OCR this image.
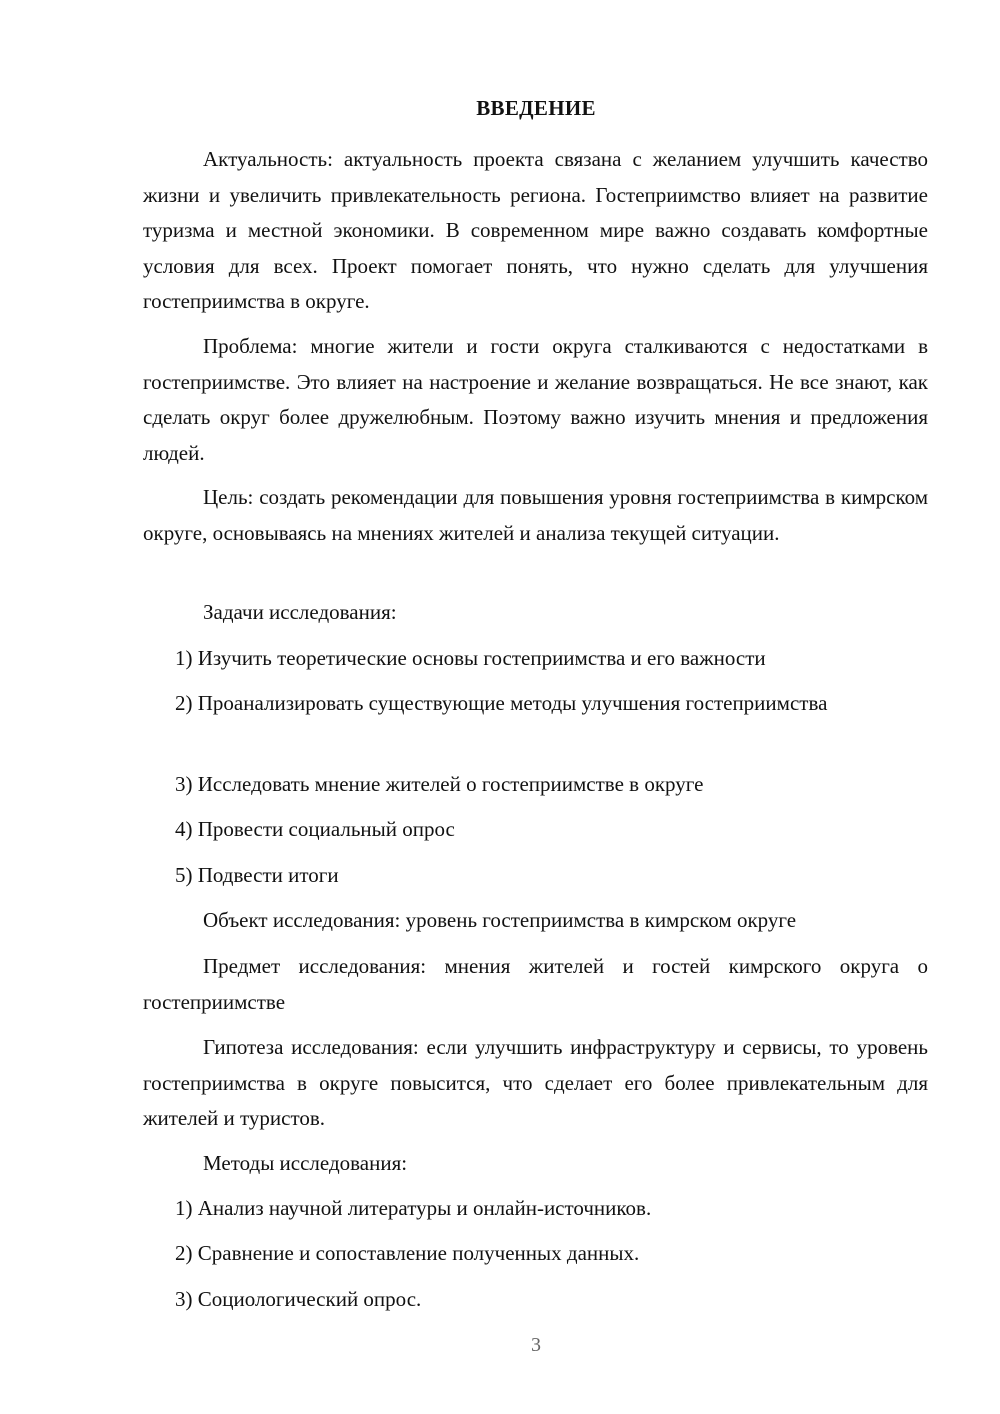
ВВЕДЕНИЕ

Актуальность: актуальность проекта связана с желанием улучшить качество жизни и увеличить привлекательность региона. Гостеприимство влияет на развитие туризма и местной экономики. В современном мире важно создавать комфортные условия для всех. Проект помогает понять, что нужно сделать для улучшения гостеприимства в округе.

Проблема: многие жители и гости округа сталкиваются с недостатками в гостеприимстве. Это влияет на настроение и желание возвращаться. Не все знают, как сделать округ более дружелюбным. Поэтому важно изучить мнения и предложения людей.

Цель: создать рекомендации для повышения уровня гостеприимства в кимрском округе, основываясь на мнениях жителей и анализа текущей ситуации.

Задачи исследования:

1) Изучить теоретические основы гостеприимства и его важности

2) Проанализировать существующие методы улучшения гостеприимства

3) Исследовать мнение жителей о гостеприимстве в округе

4) Провести социальный опрос

5) Подвести итоги

Объект исследования: уровень гостеприимства в кимрском округе

Предмет исследования: мнения жителей и гостей кимрского округа о гостеприимстве

Гипотеза исследования: если улучшить инфраструктуру и сервисы, то уровень гостеприимства в округе повысится, что сделает его более привлекательным для жителей и туристов.

Методы исследования:

1) Анализ научной литературы и онлайн-источников.

2) Сравнение и сопоставление полученных данных.

3) Социологический опрос.

3
